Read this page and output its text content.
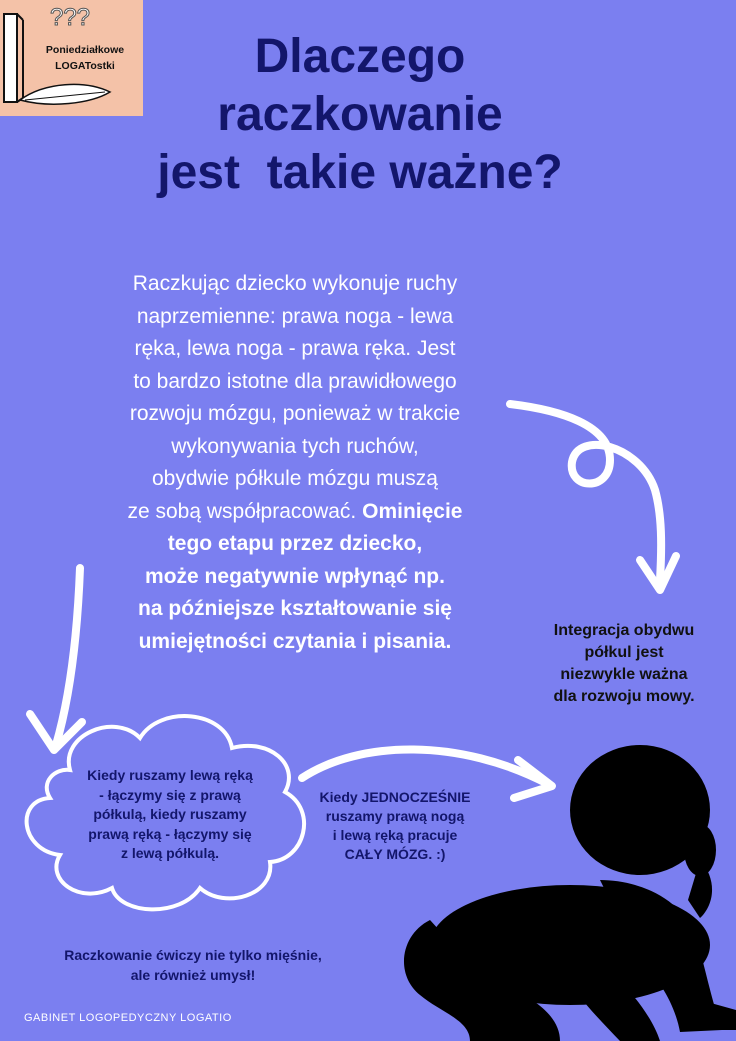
???
Poniedziałkowe
LOGATostki	Dlaczego
raczkowanie
jest  takie ważne?
Raczkując dziecko wykonuje ruchy
naprzemienne: prawa noga - lewa
ręka, lewa noga - prawa ręka. Jest
to bardzo istotne dla prawidłowego
rozwoju mózgu, ponieważ w trakcie
wykonywania tych ruchów,
obydwie półkule mózgu muszą
ze sobą współpracować. Ominięcie
tego etapu przez dziecko,
może negatywnie wpłynąć np.
na późniejsze kształtowanie się
umiejętności czytania i pisania.	Integracja obydwu
półkul jest
niezwykle ważna
dla rozwoju mowy.
Kiedy ruszamy lewą ręką
- łączymy się z prawą
półkulą, kiedy ruszamy
prawą ręką - łączymy się
z lewą półkulą.
Kiedy JEDNOCZEŚNIE
ruszamy prawą nogą
i lewą ręką pracuje
CAŁY MÓZG. :)
Raczkowanie ćwiczy nie tylko mięśnie,
ale również umysł!
GABINET LOGOPEDYCZNY LOGATIO
